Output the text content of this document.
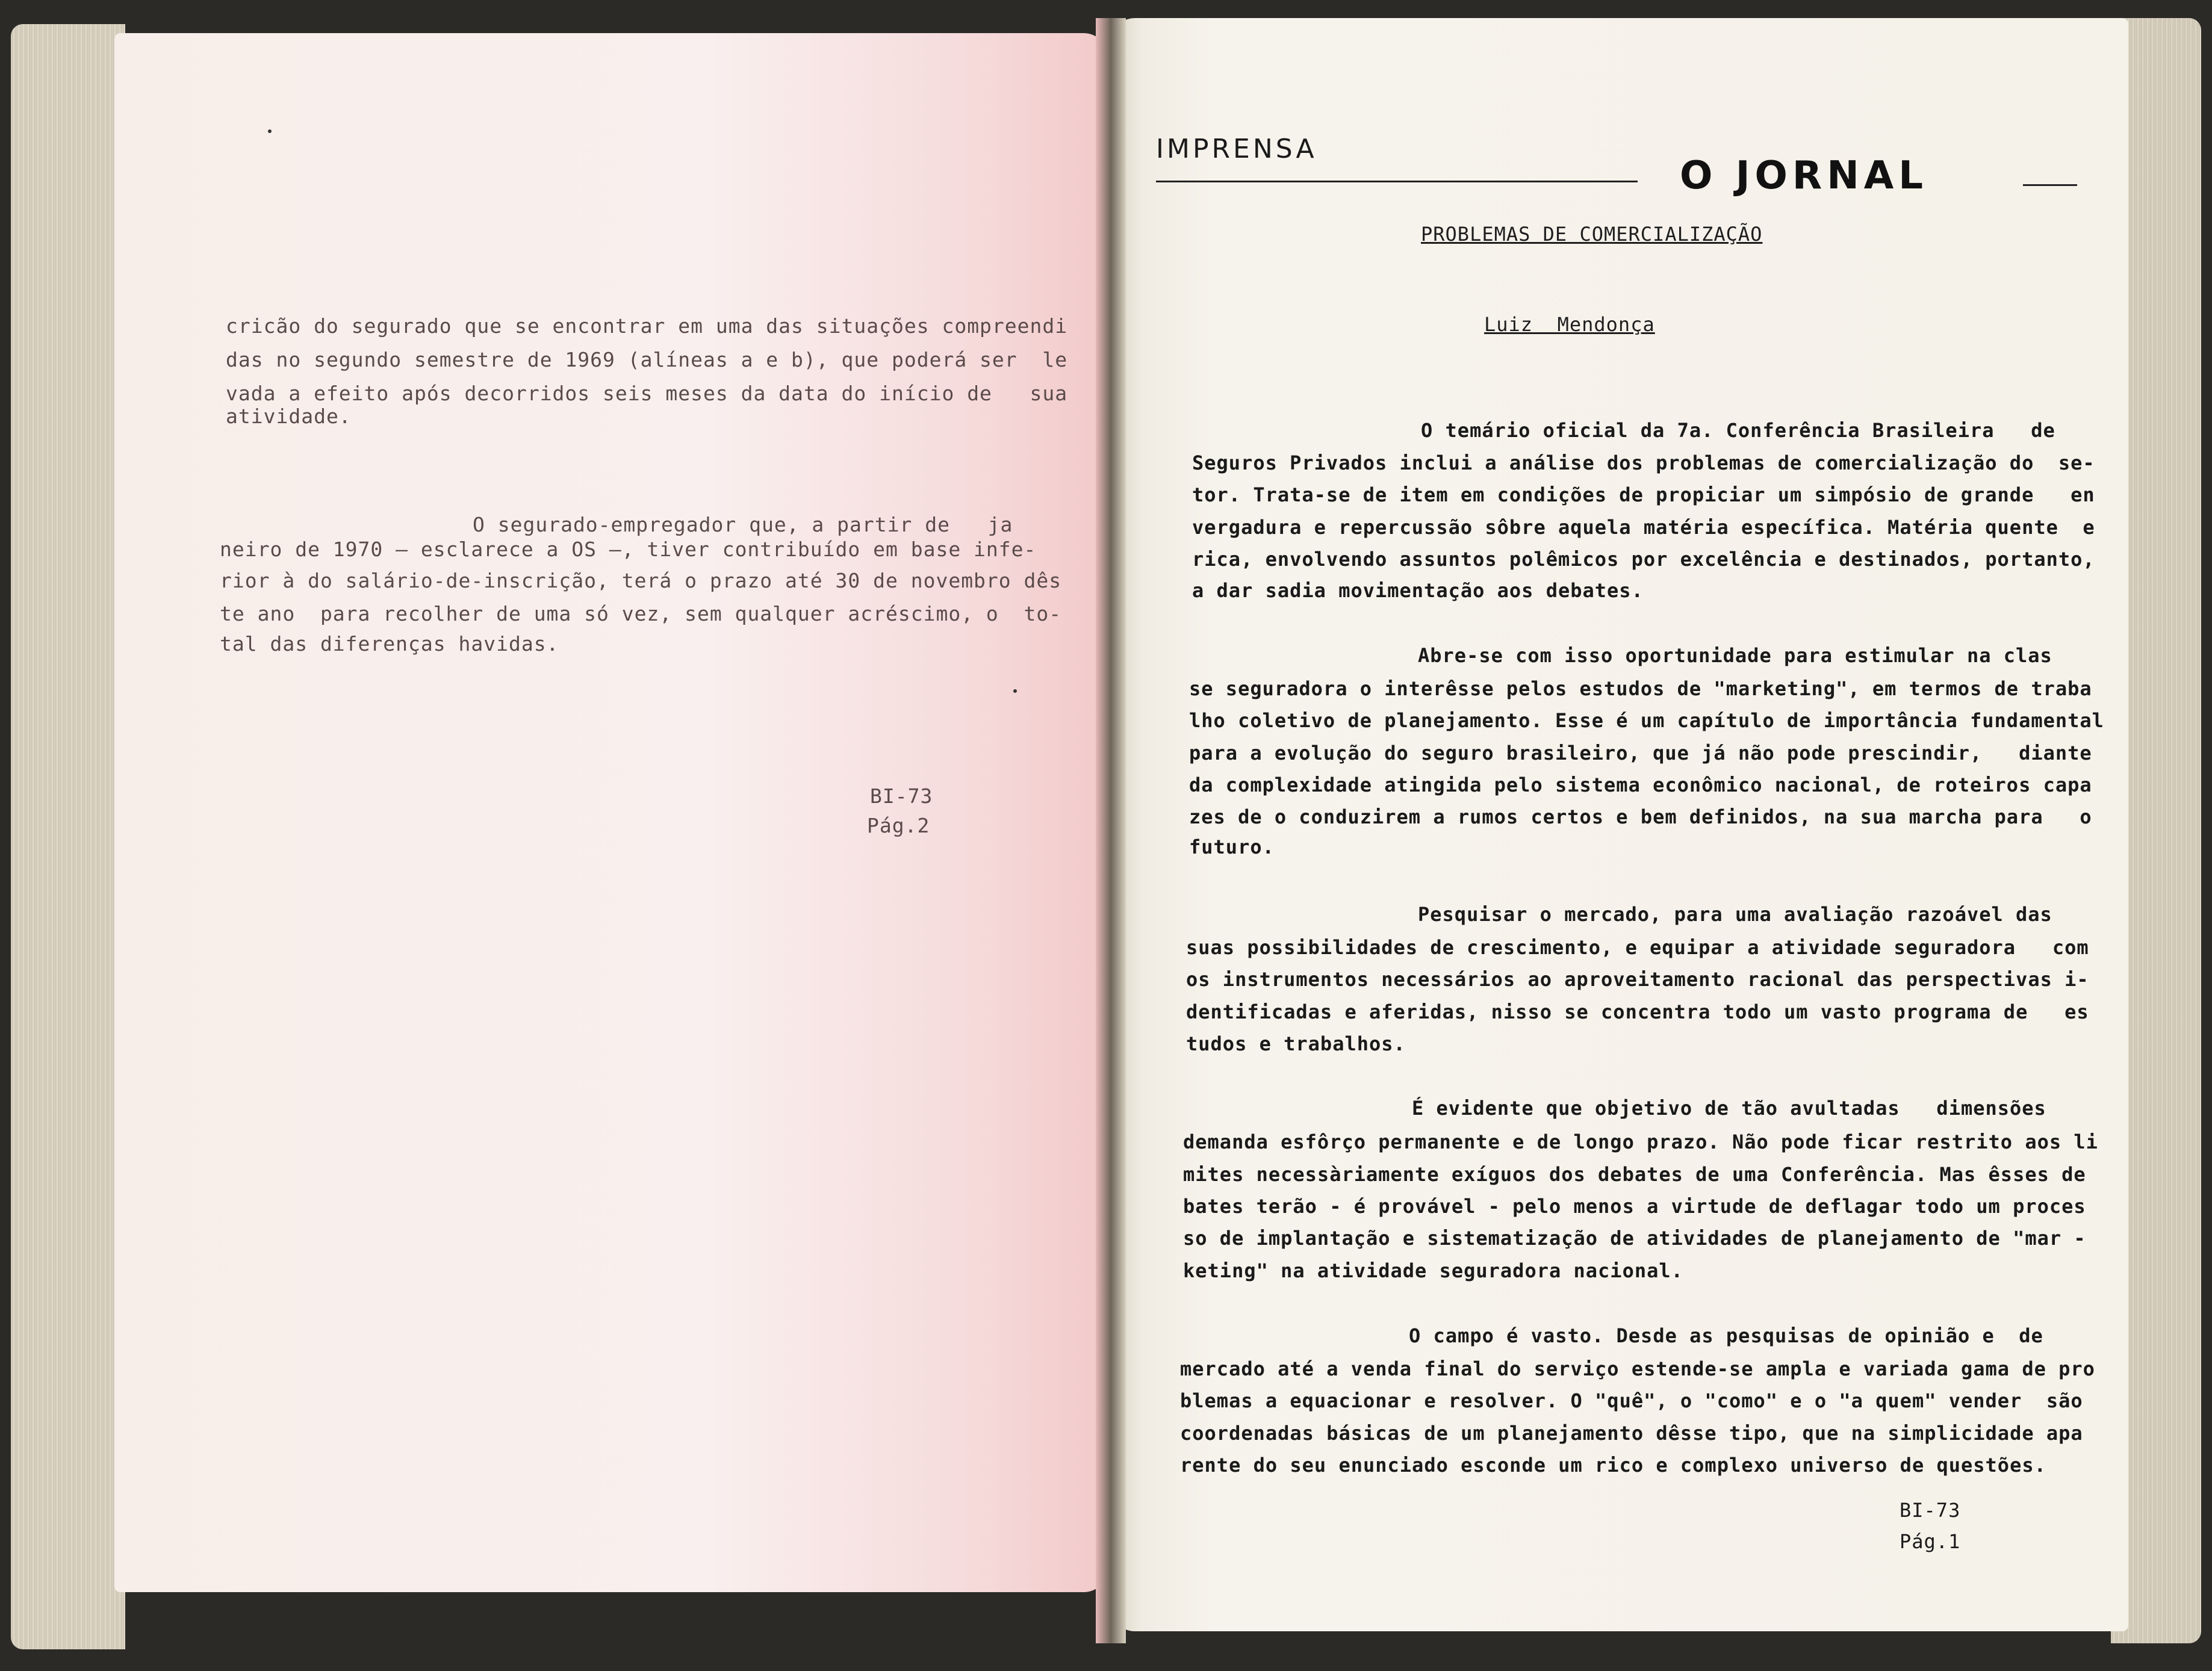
cricão do segurado que se encontrar em uma das situações compreendi
das no segundo semestre de 1969 (alíneas a e b), que poderá ser  le
vada a efeito após decorridos seis meses da data do início de   sua
atividade.
O segurado-empregador que, a partir de   ja
neiro de 1970 — esclarece a OS —, tiver contribuído em base infe-
rior à do salário-de-inscrição, terá o prazo até 30 de novembro dês
te ano  para recolher de uma só vez, sem qualquer acréscimo, o  to-
tal das diferenças havidas.
BI-73
Pág.2
IMPRENSA
O JORNAL
PROBLEMAS DE COMERCIALIZAÇÃO
Luiz  Mendonça
O temário oficial da 7a. Conferência Brasileira   de
Seguros Privados inclui a análise dos problemas de comercialização do  se-
tor. Trata-se de item em condições de propiciar um simpósio de grande   en
vergadura e repercussão sôbre aquela matéria específica. Matéria quente  e
rica, envolvendo assuntos polêmicos por excelência e destinados, portanto,
a dar sadia movimentação aos debates.
Abre-se com isso oportunidade para estimular na clas
se seguradora o interêsse pelos estudos de "marketing", em termos de traba
lho coletivo de planejamento. Esse é um capítulo de importância fundamental
para a evolução do seguro brasileiro, que já não pode prescindir,   diante
da complexidade atingida pelo sistema econômico nacional, de roteiros capa
zes de o conduzirem a rumos certos e bem definidos, na sua marcha para   o
futuro.
Pesquisar o mercado, para uma avaliação razoável das
suas possibilidades de crescimento, e equipar a atividade seguradora   com
os instrumentos necessários ao aproveitamento racional das perspectivas i-
dentificadas e aferidas, nisso se concentra todo um vasto programa de   es
tudos e trabalhos.
É evidente que objetivo de tão avultadas   dimensões
demanda esfôrço permanente e de longo prazo. Não pode ficar restrito aos li
mites necessàriamente exíguos dos debates de uma Conferência. Mas êsses de
bates terão - é provável - pelo menos a virtude de deflagar todo um proces
so de implantação e sistematização de atividades de planejamento de "mar -
keting" na atividade seguradora nacional.
O campo é vasto. Desde as pesquisas de opinião e  de
mercado até a venda final do serviço estende-se ampla e variada gama de pro
blemas a equacionar e resolver. O "quê", o "como" e o "a quem" vender  são
coordenadas básicas de um planejamento dêsse tipo, que na simplicidade apa
rente do seu enunciado esconde um rico e complexo universo de questões.
BI-73
Pág.1
